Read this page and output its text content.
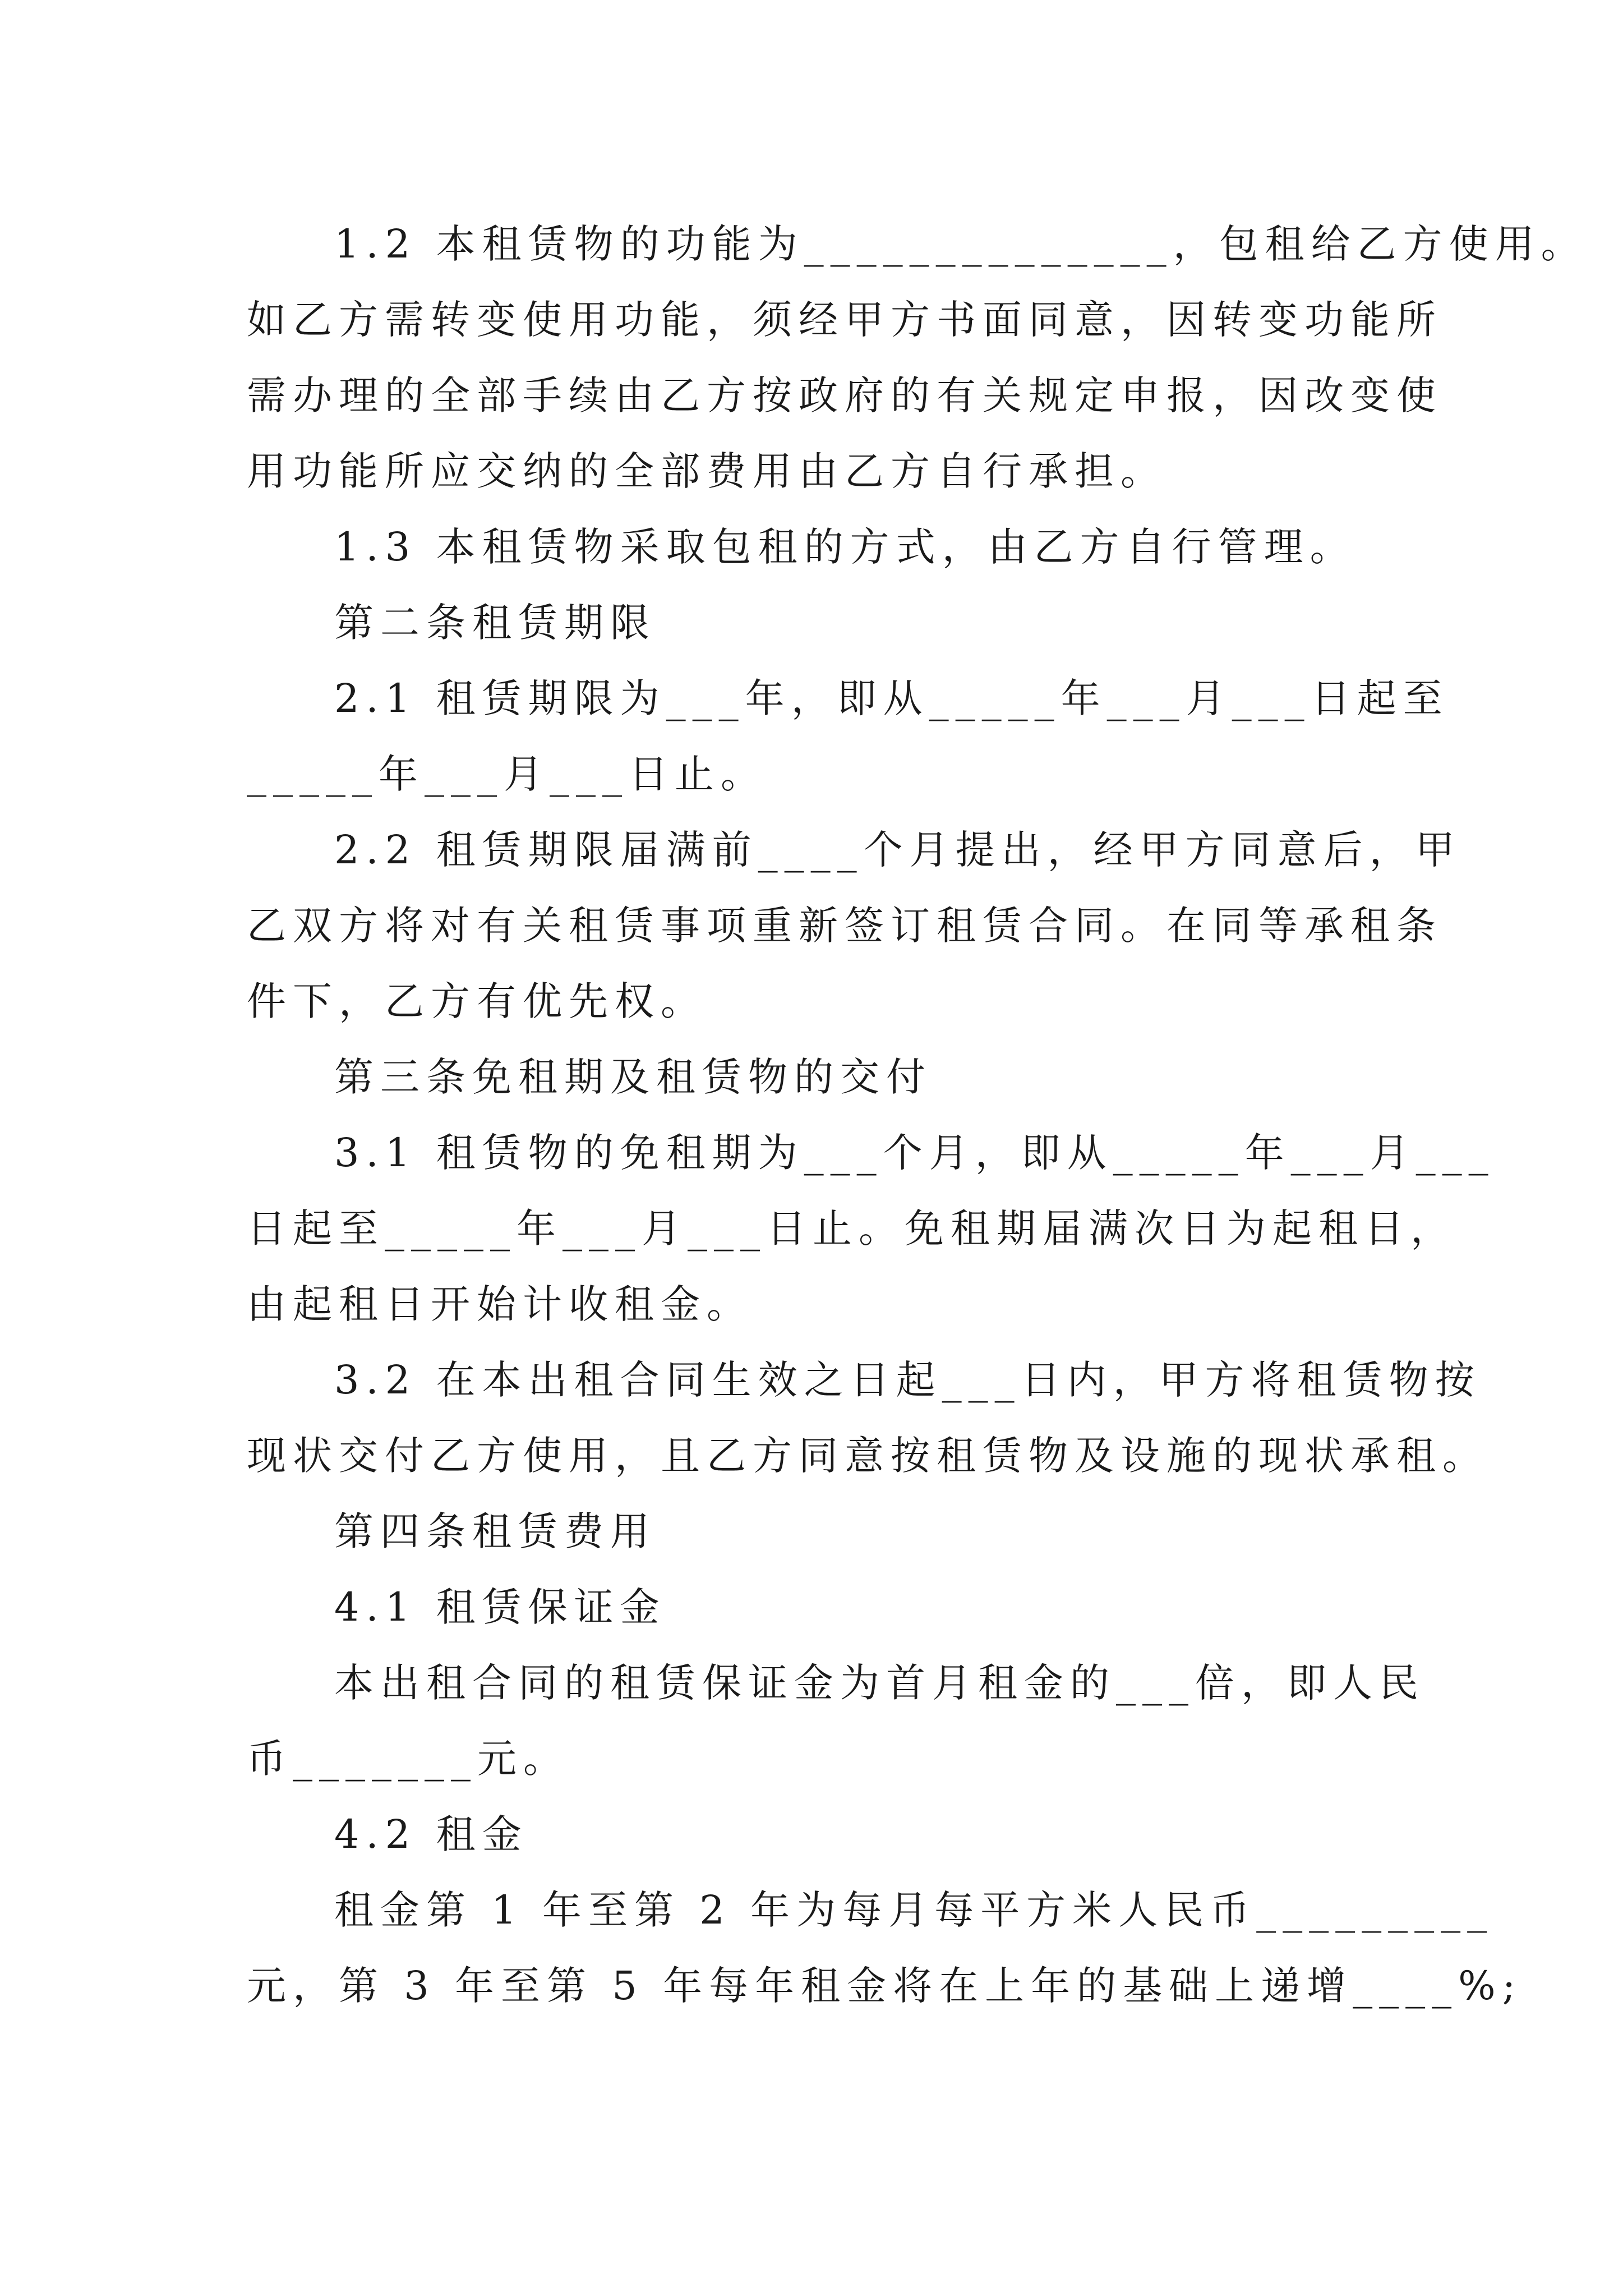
1.2 本租赁物的功能为______________，包租给乙方使用。
如乙方需转变使用功能，须经甲方书面同意，因转变功能所
需办理的全部手续由乙方按政府的有关规定申报，因改变使
用功能所应交纳的全部费用由乙方自行承担。
1.3 本租赁物采取包租的方式，由乙方自行管理。
第二条租赁期限
2.1 租赁期限为___年，即从_____年___月___日起至
_____年___月___日止。
2.2 租赁期限届满前____个月提出，经甲方同意后，甲
乙双方将对有关租赁事项重新签订租赁合同。在同等承租条
件下，乙方有优先权。
第三条免租期及租赁物的交付
3.1 租赁物的免租期为___个月，即从_____年___月___
日起至_____年___月___日止。免租期届满次日为起租日，
由起租日开始计收租金。
3.2 在本出租合同生效之日起___日内，甲方将租赁物按
现状交付乙方使用，且乙方同意按租赁物及设施的现状承租。
第四条租赁费用
4.1 租赁保证金
本出租合同的租赁保证金为首月租金的___倍，即人民
币_______元。
4.2 租金
租金第 1 年至第 2 年为每月每平方米人民币_________
元，第 3 年至第 5 年每年租金将在上年的基础上递增____%;
